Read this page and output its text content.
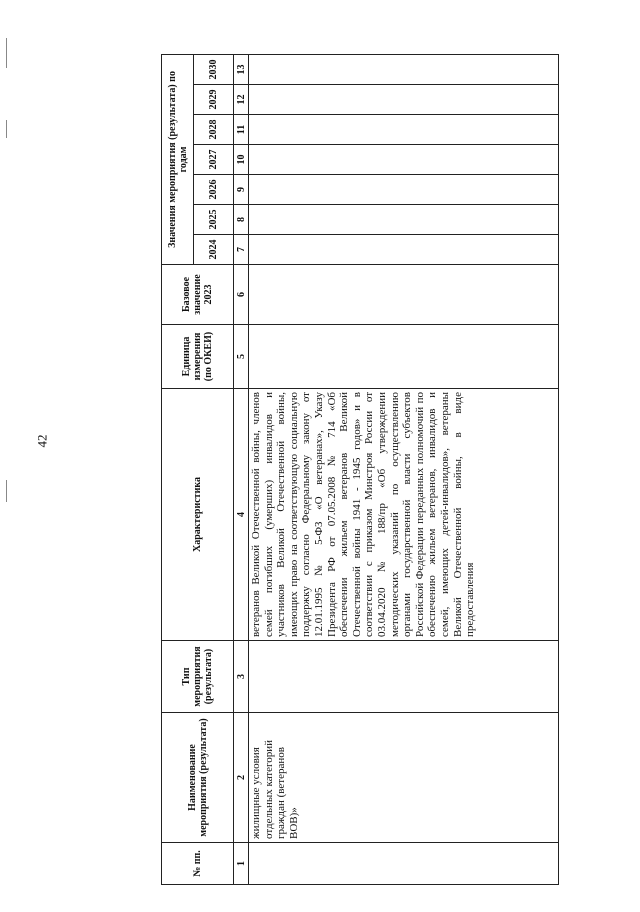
42
№ пп.	Наименование мероприятия (результата)	Тип мероприятия (результата)	Характеристика	Единица измерения (по ОКЕИ)	Базовое значение 2023	Значения мероприятия (результата) по годам						
						2024	2025	2026	2027	2028	2029	2030
1	2	3	4	5	6	7	8	9	10	11	12	13
	жилищные условия отдельных категорий граждан (ветеранов ВОВ)»		ветеранов Великой Отечественной войны, членов семей погибших (умерших) инвалидов и участников Великой Отечественной войны, имеющих право на соответствующую социальную поддержку согласно Федеральному закону от 12.01.1995 № 5-ФЗ «О ветеранах», Указу Президента РФ от 07.05.2008 № 714 «Об обеспечении жильем ветеранов Великой Отечественной войны 1941 - 1945 годов» и в соответствии с приказом Минстроя России от 03.04.2020 № 188/пр «Об утверждении методических указаний по осуществлению органами государственной власти субъектов Российской Федерации переданных полномочий по обеспечению жильем ветеранов, инвалидов и семей, имеющих детей-инвалидов», ветераны Великой Отечественной войны, в виде предоставления									
